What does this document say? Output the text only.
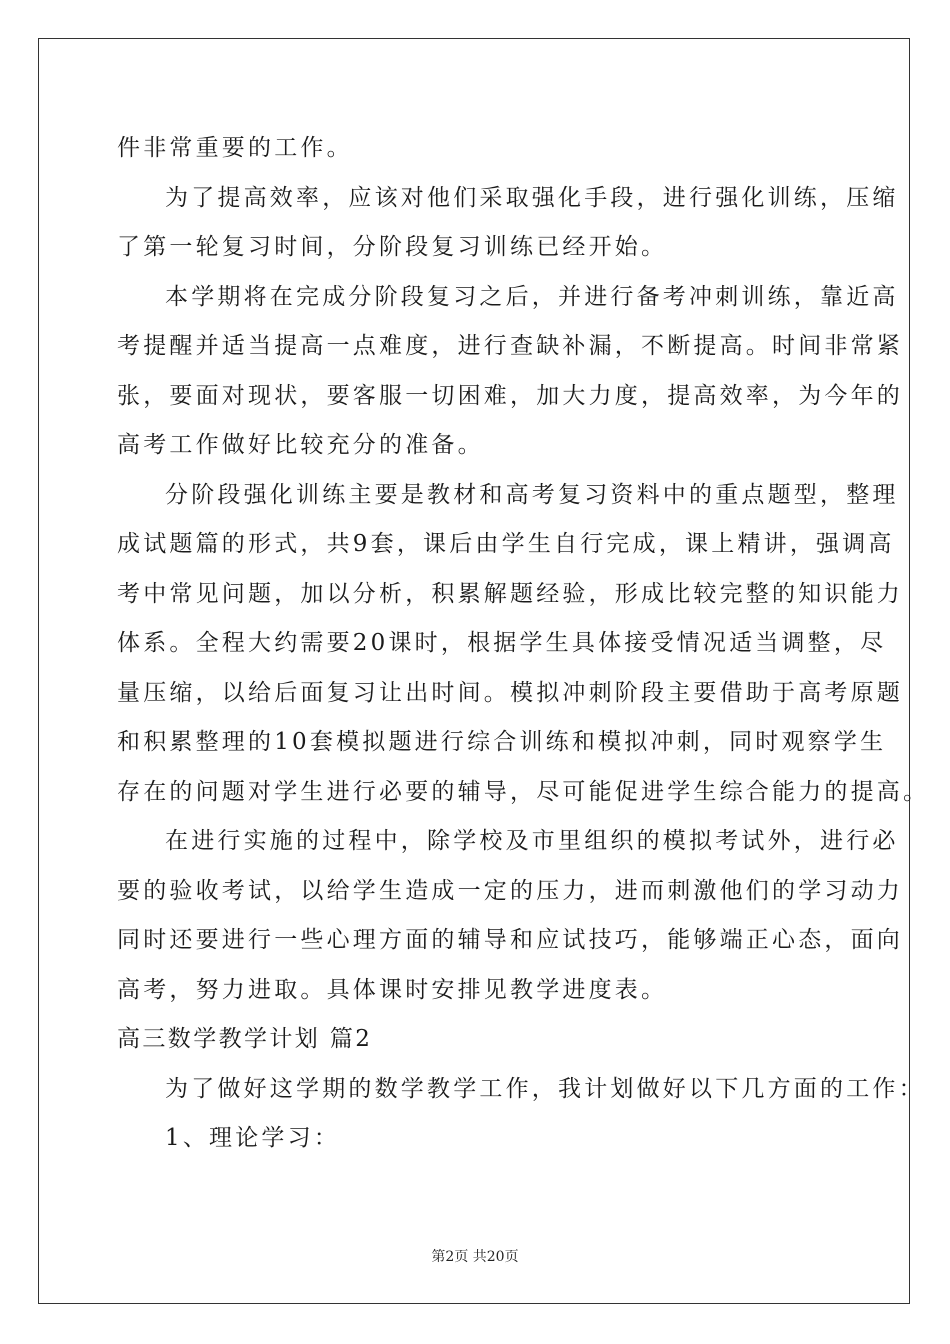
件非常重要的工作。
为了提高效率，应该对他们采取强化手段，进行强化训练，压缩
了第一轮复习时间，分阶段复习训练已经开始。
本学期将在完成分阶段复习之后，并进行备考冲刺训练，靠近高
考提醒并适当提高一点难度，进行查缺补漏，不断提高。时间非常紧
张，要面对现状，要客服一切困难，加大力度，提高效率，为今年的
高考工作做好比较充分的准备。
分阶段强化训练主要是教材和高考复习资料中的重点题型，整理
成试题篇的形式，共9套，课后由学生自行完成，课上精讲，强调高
考中常见问题，加以分析，积累解题经验，形成比较完整的知识能力
体系。全程大约需要20课时，根据学生具体接受情况适当调整，尽
量压缩，以给后面复习让出时间。模拟冲刺阶段主要借助于高考原题
和积累整理的10套模拟题进行综合训练和模拟冲刺，同时观察学生
存在的问题对学生进行必要的辅导，尽可能促进学生综合能力的提高。
在进行实施的过程中，除学校及市里组织的模拟考试外，进行必
要的验收考试，以给学生造成一定的压力，进而刺激他们的学习动力
同时还要进行一些心理方面的辅导和应试技巧，能够端正心态，面向
高考，努力进取。具体课时安排见教学进度表。
高三数学教学计划 篇2
为了做好这学期的数学教学工作，我计划做好以下几方面的工作：
1、理论学习：
第2页 共20页
